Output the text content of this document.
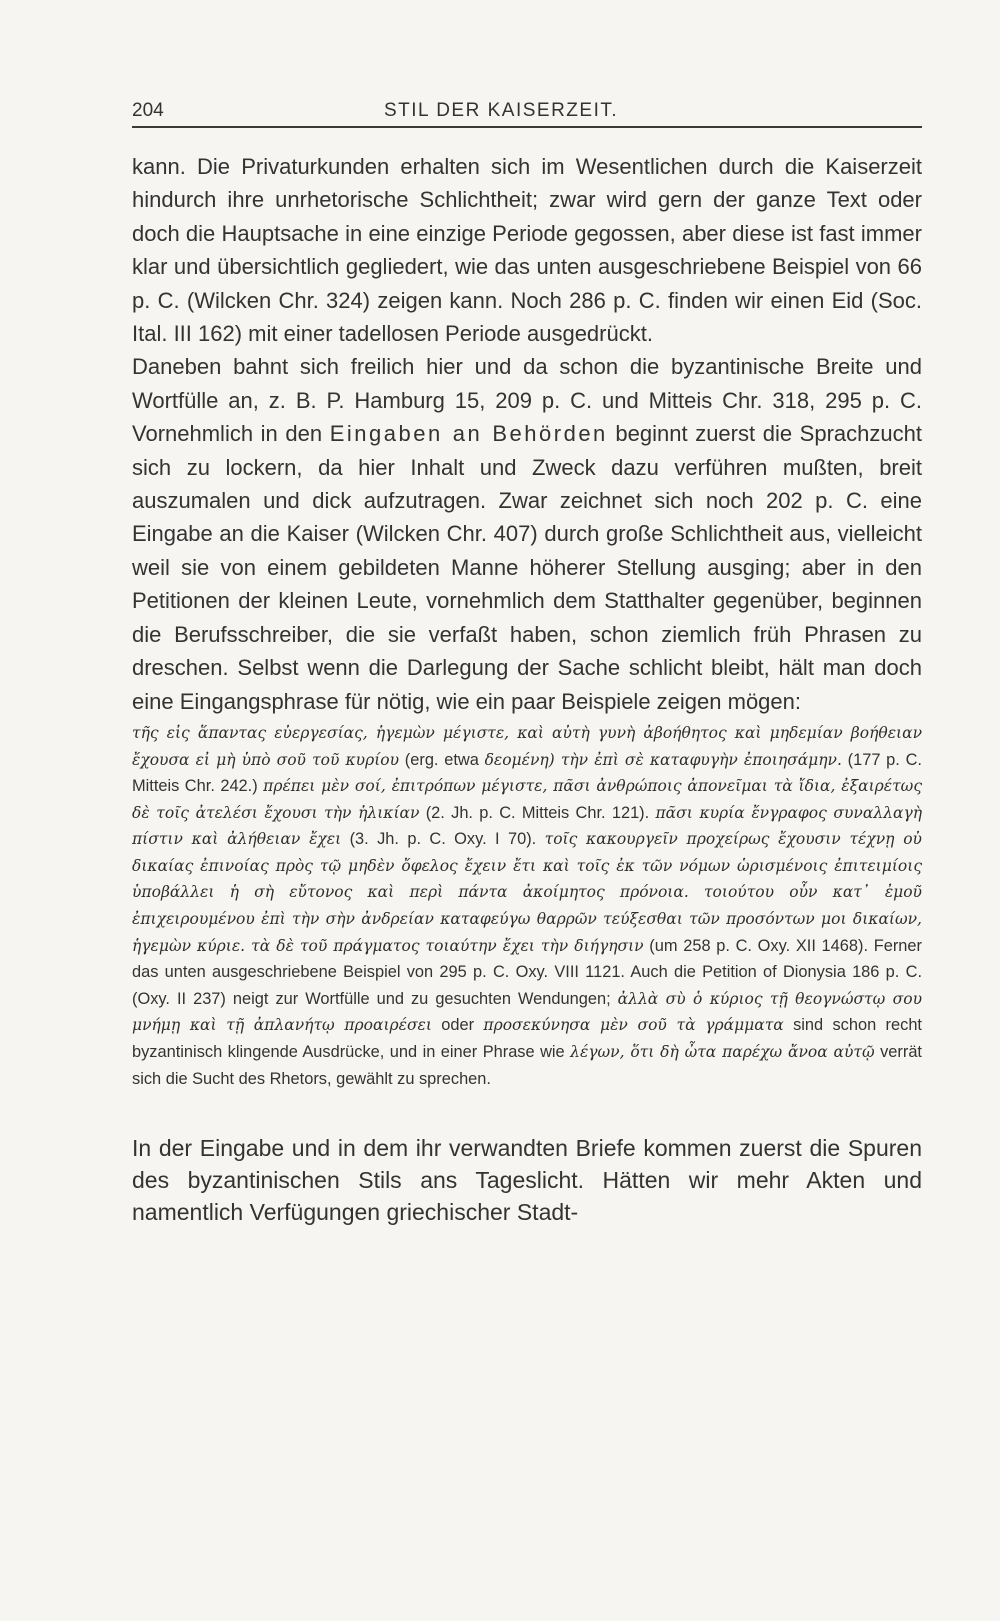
204	STIL DER KAISERZEIT.

kann. Die Privaturkunden erhalten sich im Wesentlichen durch die Kaiserzeit hindurch ihre unrhetorische Schlichtheit; zwar wird gern der ganze Text oder doch die Hauptsache in eine einzige Periode gegossen, aber diese ist fast immer klar und übersichtlich gegliedert, wie das unten ausgeschriebene Beispiel von 66 p. C. (Wilcken Chr. 324) zeigen kann. Noch 286 p. C. finden wir einen Eid (Soc. Ital. III 162) mit einer tadellosen Periode ausgedrückt.

Daneben bahnt sich freilich hier und da schon die byzantinische Breite und Wortfülle an, z. B. P. Hamburg 15, 209 p. C. und Mitteis Chr. 318, 295 p. C. Vornehmlich in den Eingaben an Behörden beginnt zuerst die Sprachzucht sich zu lockern, da hier Inhalt und Zweck dazu verführen mußten, breit auszumalen und dick aufzutragen. Zwar zeichnet sich noch 202 p. C. eine Eingabe an die Kaiser (Wilcken Chr. 407) durch große Schlichtheit aus, vielleicht weil sie von einem gebildeten Manne höherer Stellung ausging; aber in den Petitionen der kleinen Leute, vornehmlich dem Statthalter gegenüber, beginnen die Berufsschreiber, die sie verfaßt haben, schon ziemlich früh Phrasen zu dreschen. Selbst wenn die Darlegung der Sache schlicht bleibt, hält man doch eine Eingangsphrase für nötig, wie ein paar Beispiele zeigen mögen:

τῆς εἰς ἅπαντας εὐεργεσίας, ἡγεμὼν μέγιστε, καὶ αὐτὴ γυνὴ ἀβοήθητος καὶ μηδεμίαν βοήθειαν ἔχουσα εἰ μὴ ὑπὸ σοῦ τοῦ κυρίου (erg. etwa δεομένη) τὴν ἐπὶ σὲ καταφυγὴν ἐποιησάμην. (177 p. C. Mitteis Chr. 242.) πρέπει μὲν σοί, ἐπιτρόπων μέγιστε, πᾶσι ἀνθρώποις ἀπονεῖμαι τὰ ἴδια, ἐξαιρέτως δὲ τοῖς ἀτελέσι ἔχουσι τὴν ἡλικίαν (2. Jh. p. C. Mitteis Chr. 121). πᾶσι κυρία ἔνγραφος συναλλαγὴ πίστιν καὶ ἀλήθειαν ἔχει (3. Jh. p. C. Oxy. I 70). τοῖς κακουργεῖν προχείρως ἔχουσιν τέχνῃ οὐ δικαίας ἐπινοίας πρὸς τῷ μηδὲν ὄφελος ἔχειν ἔτι καὶ τοῖς ἐκ τῶν νόμων ὡρισμένοις ἐπιτειμίοις ὑποβάλλει ἡ σὴ εὔτονος καὶ περὶ πάντα ἀκοίμητος πρόνοια. τοιούτου οὖν κατ᾽ ἐμοῦ ἐπιχειρουμένου ἐπὶ τὴν σὴν ἀνδρείαν καταφεύγω θαρρῶν τεύξεσθαι τῶν προσόντων μοι δικαίων, ἡγεμὼν κύριε. τὰ δὲ τοῦ πράγματος τοιαύτην ἔχει τὴν διήγησιν (um 258 p. C. Oxy. XII 1468). Ferner das unten ausgeschriebene Beispiel von 295 p. C. Oxy. VIII 1121. Auch die Petition of Dionysia 186 p. C. (Oxy. II 237) neigt zur Wortfülle und zu gesuchten Wendungen; ἀλλὰ σὺ ὁ κύριος τῇ θεογνώστῳ σου μνήμῃ καὶ τῇ ἀπλανήτῳ προαιρέσει oder προσεκύνησα μὲν σοῦ τὰ γράμματα sind schon recht byzantinisch klingende Ausdrücke, und in einer Phrase wie λέγων, ὅτι δὴ ὦτα παρέχω ἄνοα αὐτῷ verrät sich die Sucht des Rhetors, gewählt zu sprechen.

In der Eingabe und in dem ihr verwandten Briefe kommen zuerst die Spuren des byzantinischen Stils ans Tageslicht. Hätten wir mehr Akten und namentlich Verfügungen griechischer Stadt-
